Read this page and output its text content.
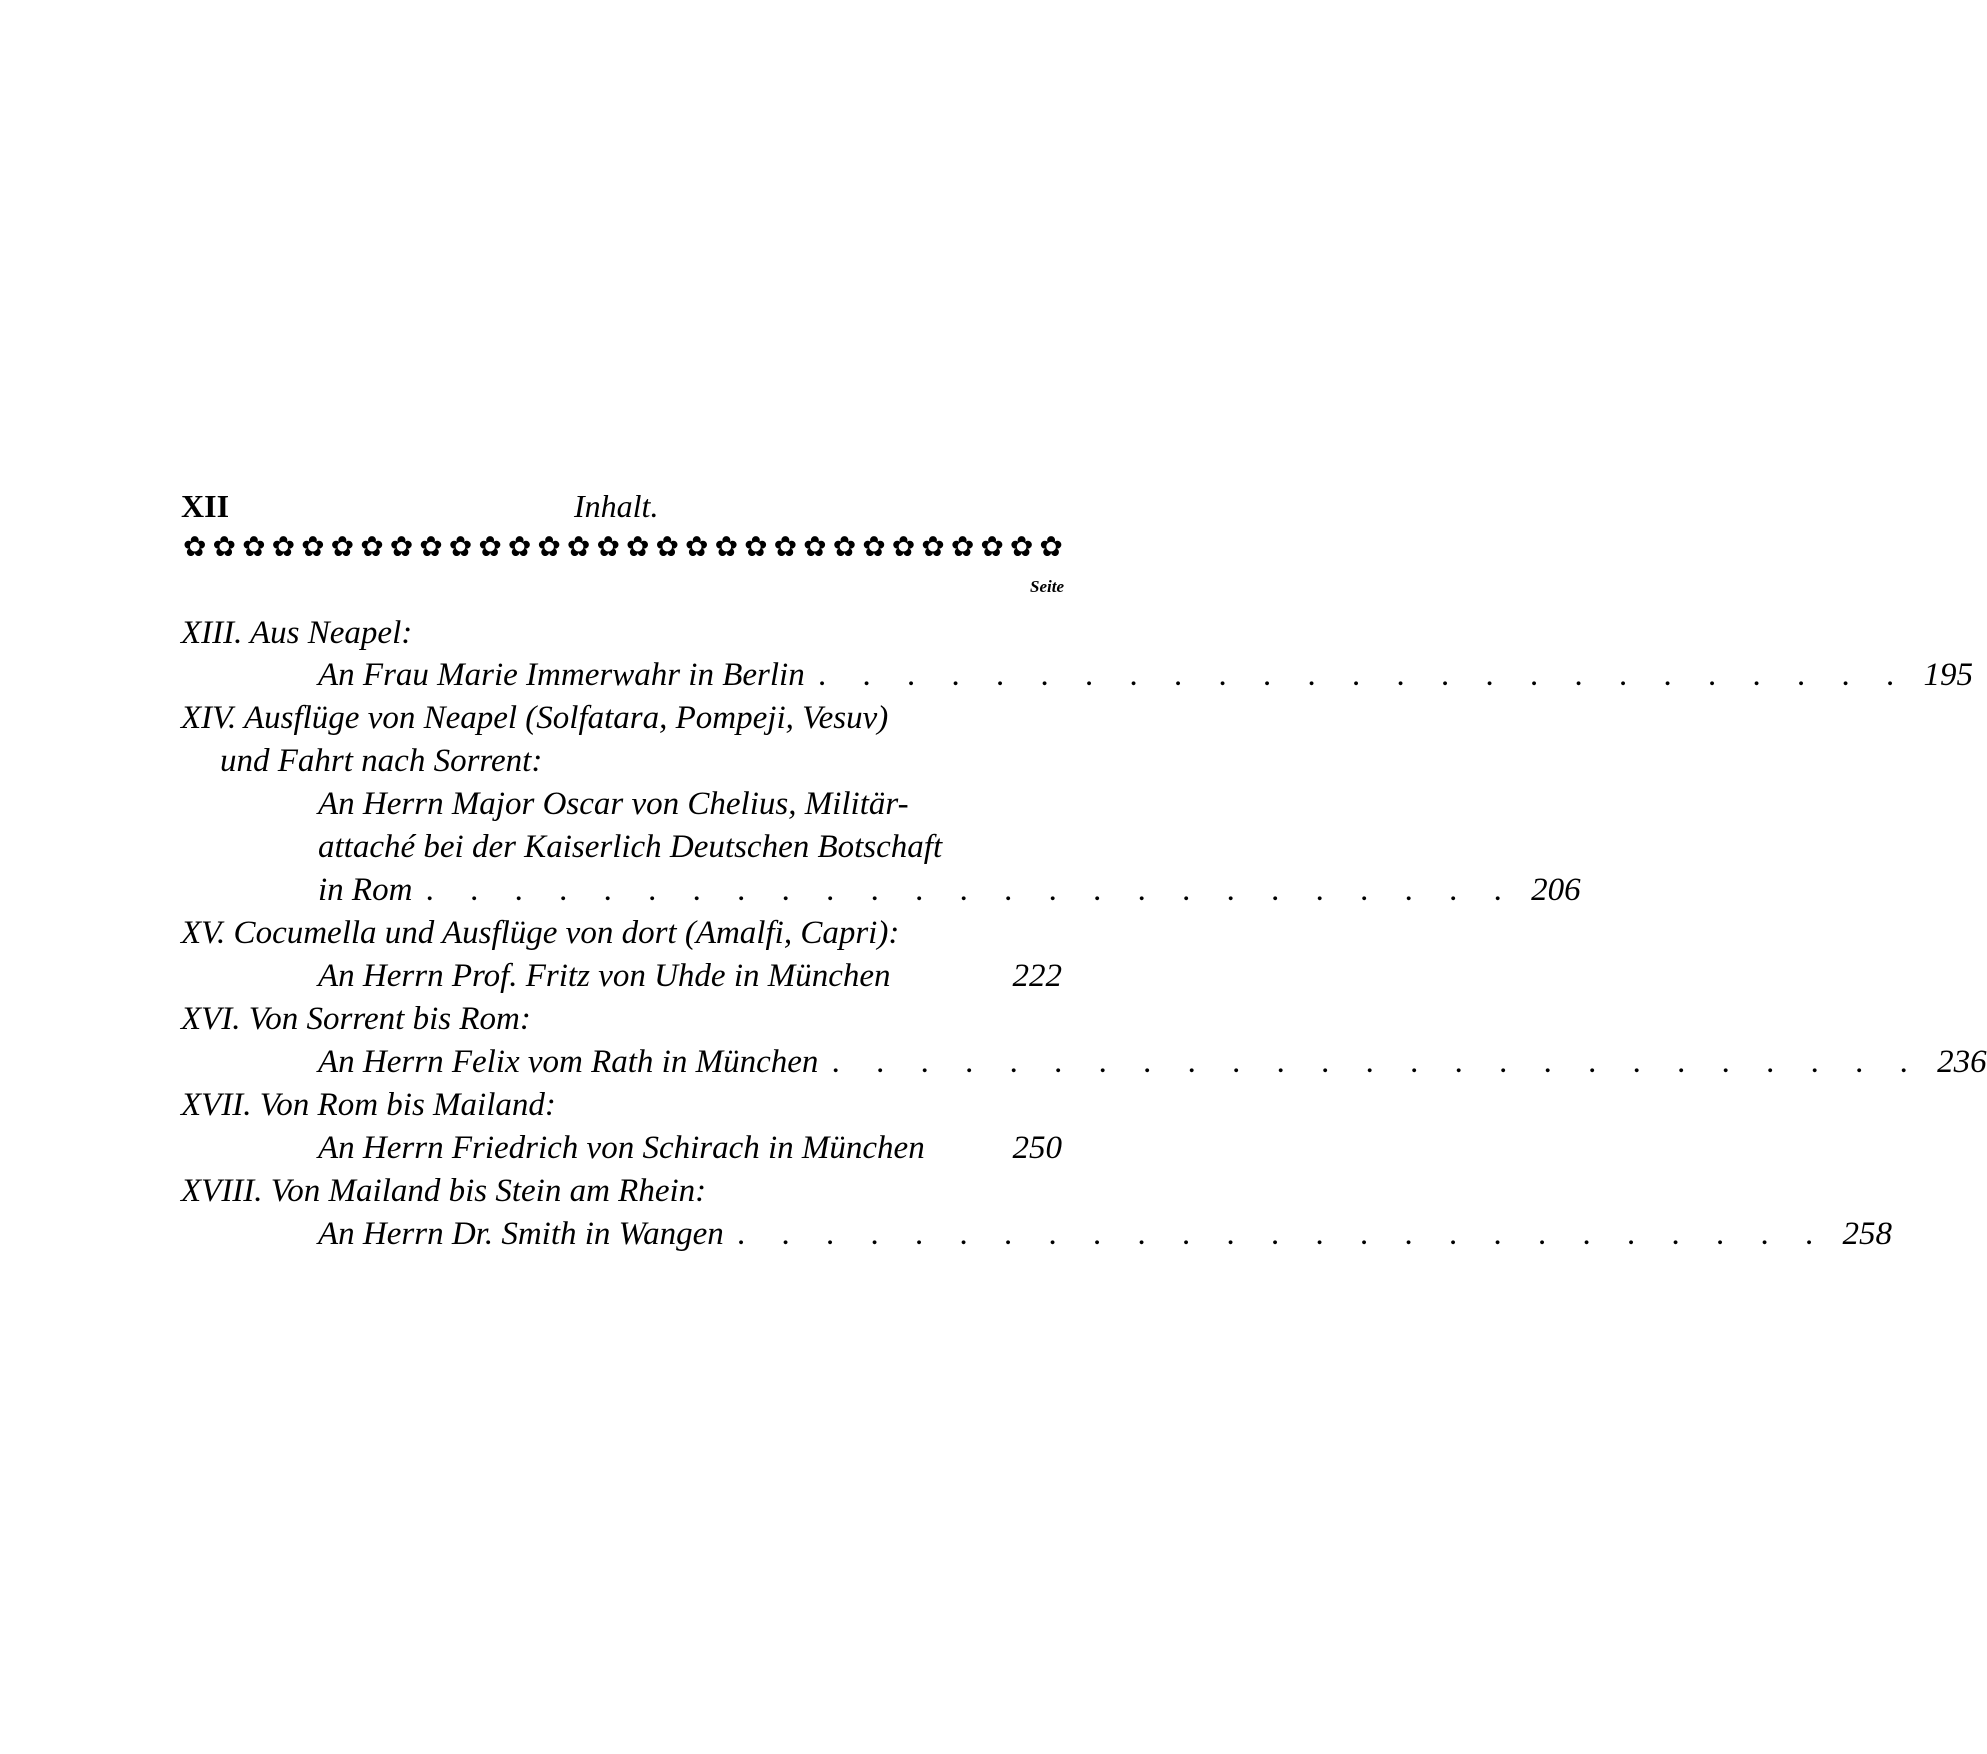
XII	Inhalt.
✿ ✿ ✿ ✿ ✿ ✿ ✿ ✿ ✿ ✿ ✿ ✿ ✿ ✿ ✿ ✿ ✿ ✿ ✿ ✿ ✿ ✿ ✿ ✿ ✿ ✿ ✿ ✿ ✿ ✿
Seite
XIII. Aus Neapel:
An Frau Marie Immerwahr in Berlin . . . . . . . . . . . . . . . . . . . . . . . . . 195
XIV. Ausflüge von Neapel (Solfatara, Pompeji, Vesuv)
und Fahrt nach Sorrent:
An Herrn Major Oscar von Chelius, Militär-
attaché bei der Kaiserlich Deutschen Botschaft
in Rom . . . . . . . . . . . . . . . . . . . . . . . . . 206
XV. Cocumella und Ausflüge von dort (Amalfi, Capri):
An Herrn Prof. Fritz von Uhde in München	222
XVI. Von Sorrent bis Rom:
An Herrn Felix vom Rath in München . . . . . . . . . . . . . . . . . . . . . . . . . 236
XVII. Von Rom bis Mailand:
An Herrn Friedrich von Schirach in München	250
XVIII. Von Mailand bis Stein am Rhein:
An Herrn Dr. Smith in Wangen . . . . . . . . . . . . . . . . . . . . . . . . . 258
